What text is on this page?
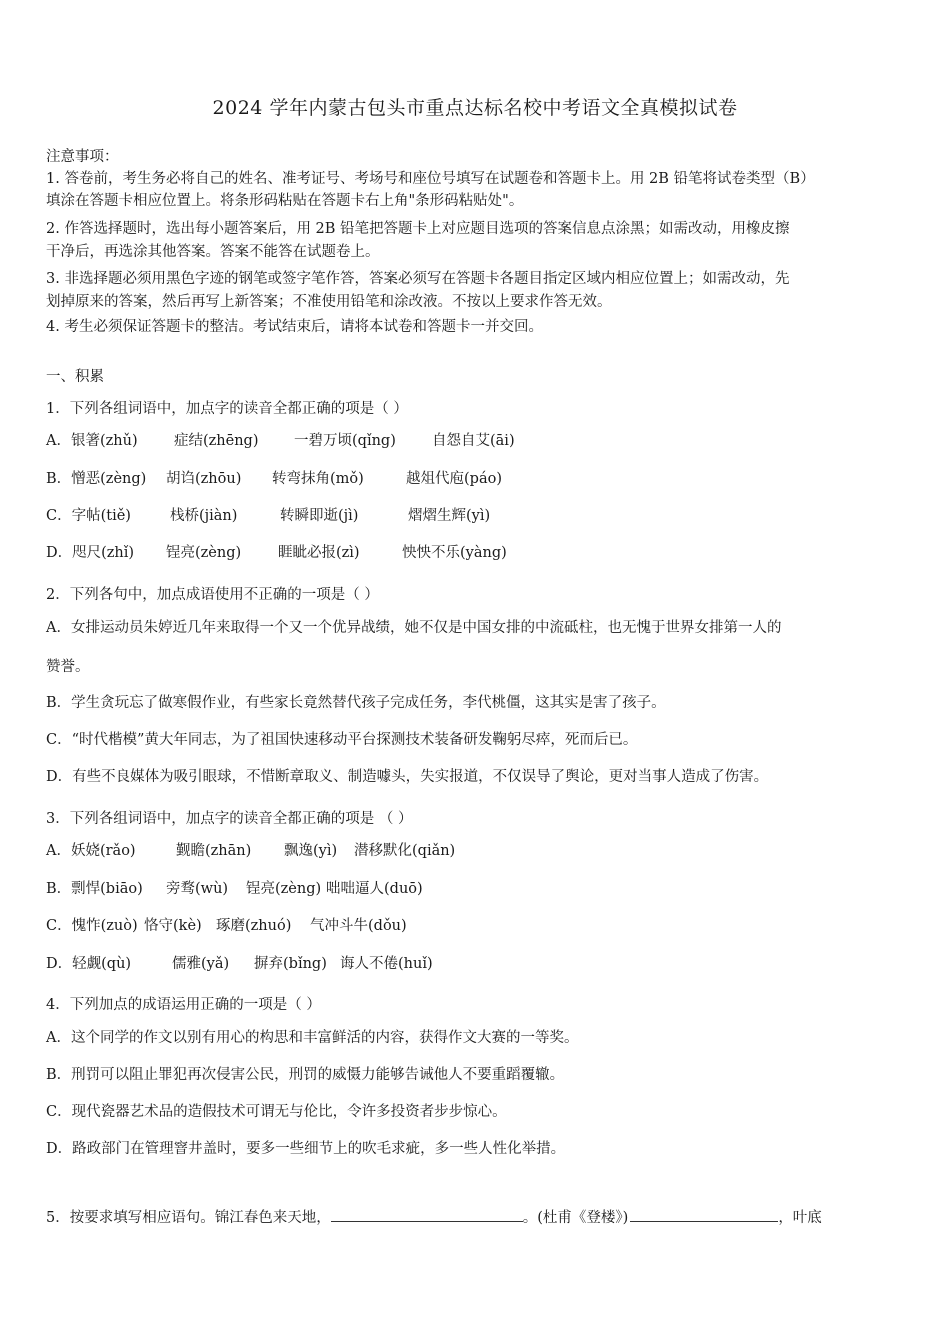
2024 学年内蒙古包头市重点达标名校中考语文全真模拟试卷
注意事项：
1. 答卷前，考生务必将自己的姓名、准考证号、考场号和座位号填写在试题卷和答题卡上。用 2B 铅笔将试卷类型（B）
填涂在答题卡相应位置上。将条形码粘贴在答题卡右上角"条形码粘贴处"。
2. 作答选择题时，选出每小题答案后，用 2B 铅笔把答题卡上对应题目选项的答案信息点涂黑；如需改动，用橡皮擦
干净后，再选涂其他答案。答案不能答在试题卷上。
3. 非选择题必须用黑色字迹的钢笔或签字笔作答，答案必须写在答题卡各题目指定区域内相应位置上；如需改动，先
划掉原来的答案，然后再写上新答案；不准使用铅笔和涂改液。不按以上要求作答无效。
4. 考生必须保证答题卡的整洁。考试结束后，请将本试卷和答题卡一并交回。
一、积累
1．下列各组词语中，加点字的读音全都正确的项是（ ）
A．银箸(zhǔ)	症结(zhēng) 一碧万顷(qǐng) 自怨自艾(āi)
B．憎恶(zèng) 胡诌(zhōu) 转弯抹角(mǒ)	越俎代庖(páo)
C．字帖(tiě)	栈桥(jiàn)	转瞬即逝(jì)	熠熠生辉(yì)
D．咫尺(zhǐ) 锃亮(zèng)	睚眦必报(zì)	怏怏不乐(yàng)
2．下列各句中，加点成语使用不正确的一项是（ ）
A．女排运动员朱婷近几年来取得一个又一个优异战绩，她不仅是中国女排的中流砥柱，也无愧于世界女排第一人的
赞誉。
B．学生贪玩忘了做寒假作业，有些家长竟然替代孩子完成任务，李代桃僵，这其实是害了孩子。
C．“时代楷模”黄大年同志，为了祖国快速移动平台探测技术装备研发鞠躬尽瘁，死而后已。
D．有些不良媒体为吸引眼球，不惜断章取义、制造噱头，失实报道，不仅误导了舆论，更对当事人造成了伤害。
3．下列各组词语中，加点字的读音全都正确的项是 （ ）
A．妖娆(rǎo)	觐瞻(zhān) 飘逸(yì) 潜移默化(qiǎn)
B．剽悍(biāo) 旁骛(wù) 锃亮(zèng) 咄咄逼人(duō)
C．愧怍(zuò) 恪守(kè) 琢磨(zhuó) 气冲斗牛(dǒu)
D．轻觑(qù)	儒雅(yǎ) 摒弃(bǐng) 诲人不倦(huǐ)
4．下列加点的成语运用正确的一项是（ ）
A．这个同学的作文以别有用心的构思和丰富鲜活的内容，获得作文大赛的一等奖。
B．刑罚可以阻止罪犯再次侵害公民，刑罚的威慑力能够告诫他人不要重蹈覆辙。
C．现代瓷器艺术品的造假技术可谓无与伦比，令许多投资者步步惊心。
D．路政部门在管理窨井盖时，要多一些细节上的吹毛求疵，多一些人性化举措。
5．按要求填写相应语句。锦江春色来天地，	。(杜甫《登楼》)	，叶底
